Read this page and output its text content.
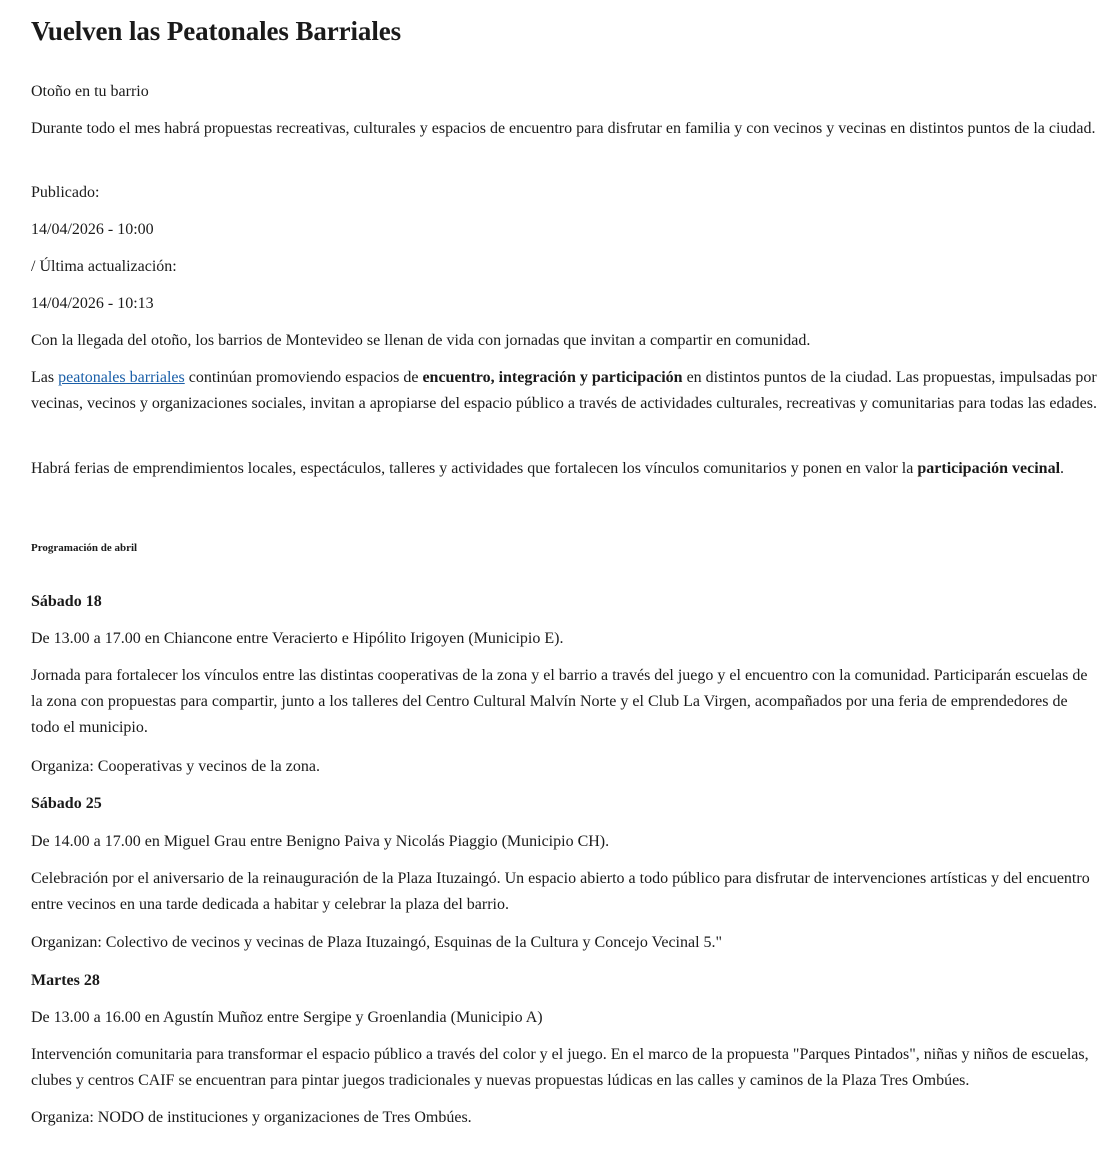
Vuelven las Peatonales Barriales

Otoño en tu barrio

Durante todo el mes habrá propuestas recreativas, culturales y espacios de encuentro para disfrutar en familia y con vecinos y vecinas en distintos puntos de la ciudad.

Publicado:

14/04/2026 - 10:00

/ Última actualización:

14/04/2026 - 10:13

Con la llegada del otoño, los barrios de Montevideo se llenan de vida con jornadas que invitan a compartir en comunidad.

Las peatonales barriales continúan promoviendo espacios de encuentro, integración y participación en distintos puntos de la ciudad. Las propuestas, impulsadas por vecinas, vecinos y organizaciones sociales, invitan a apropiarse del espacio público a través de actividades culturales, recreativas y comunitarias para todas las edades.

Habrá ferias de emprendimientos locales, espectáculos, talleres y actividades que fortalecen los vínculos comunitarios y ponen en valor la participación vecinal.

Programación de abril

Sábado 18

De 13.00 a 17.00 en Chiancone entre Veracierto e Hipólito Irigoyen (Municipio E).

Jornada para fortalecer los vínculos entre las distintas cooperativas de la zona y el barrio a través del juego y el encuentro con la comunidad. Participarán escuelas de la zona con propuestas para compartir, junto a los talleres del Centro Cultural Malvín Norte y el Club La Virgen, acompañados por una feria de emprendedores de todo el municipio.

Organiza: Cooperativas y vecinos de la zona.

Sábado 25

De 14.00 a 17.00 en Miguel Grau entre Benigno Paiva y Nicolás Piaggio (Municipio CH).

Celebración por el aniversario de la reinauguración de la Plaza Ituzaingó. Un espacio abierto a todo público para disfrutar de intervenciones artísticas y del encuentro entre vecinos en una tarde dedicada a habitar y celebrar la plaza del barrio.

Organizan: Colectivo de vecinos y vecinas de Plaza Ituzaingó, Esquinas de la Cultura y Concejo Vecinal 5."

Martes 28

De 13.00 a 16.00 en Agustín Muñoz entre Sergipe y Groenlandia (Municipio A)

Intervención comunitaria para transformar el espacio público a través del color y el juego. En el marco de la propuesta "Parques Pintados", niñas y niños de escuelas, clubes y centros CAIF se encuentran para pintar juegos tradicionales y nuevas propuestas lúdicas en las calles y caminos de la Plaza Tres Ombúes.

Organiza: NODO de instituciones y organizaciones de Tres Ombúes.
